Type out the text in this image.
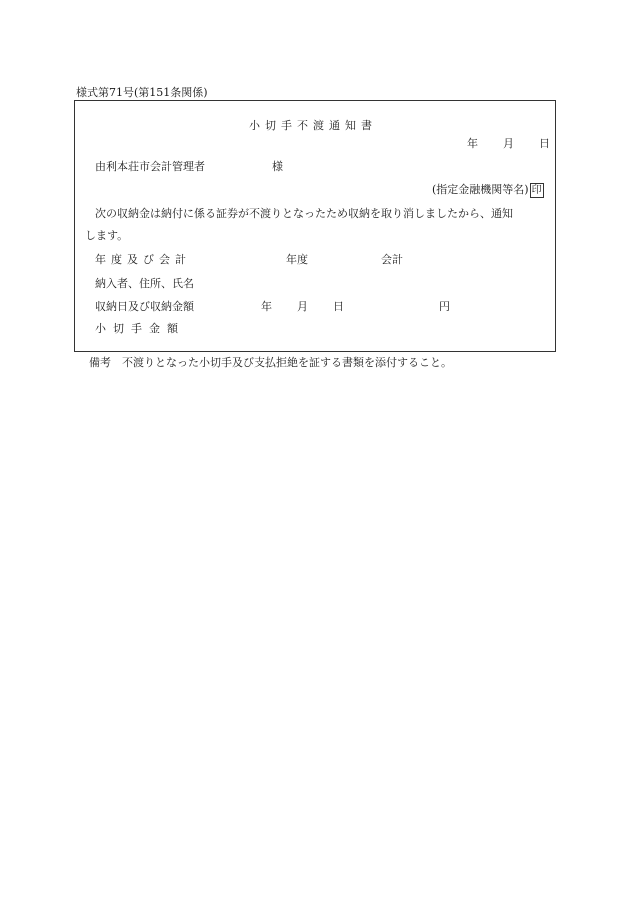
様式第71号(第151条関係)
小切手不渡通知書
年 月 日
由利本荘市会計管理者	様
(指定金融機関等名) 印
次の収納金は納付に係る証券が不渡りとなったため収納を取り消しましたから、通知
します。
年度及び会計	年度	会計
納入者、住所、氏名
収納日及び収納金額	年 月 日	円
小切手金額
備考 不渡りとなった小切手及び支払拒絶を証する書類を添付すること。
